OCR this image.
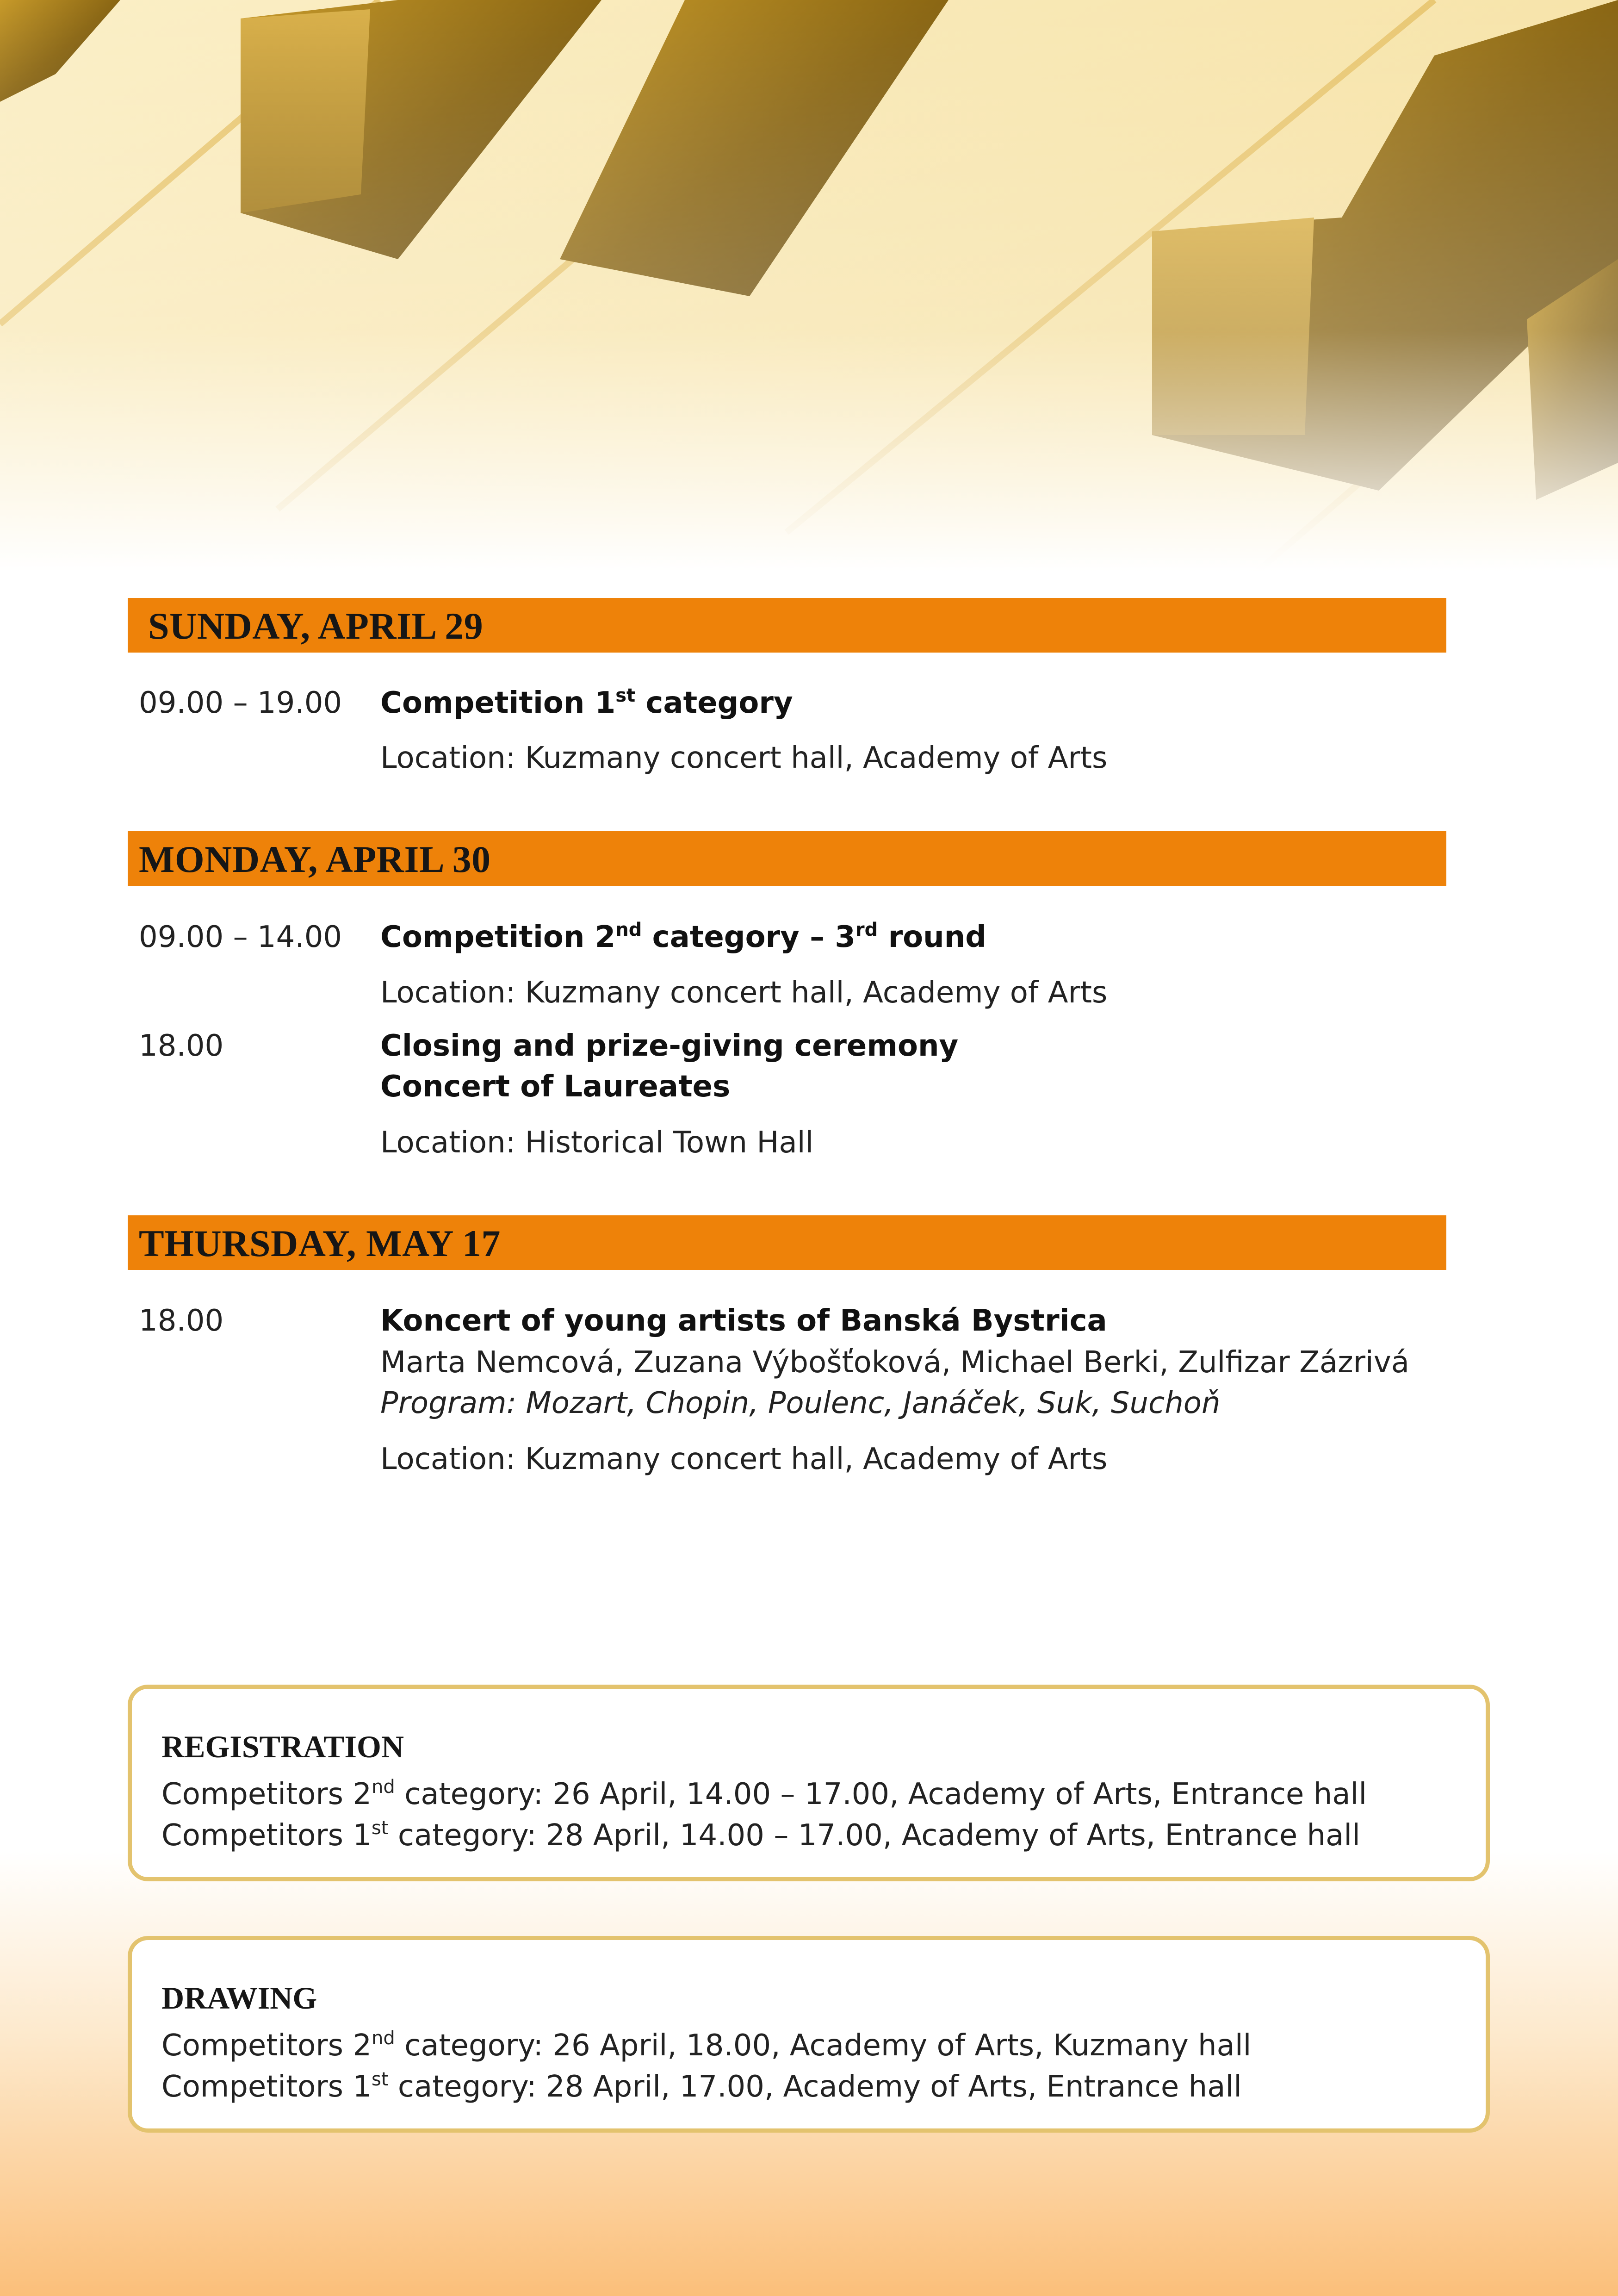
SUNDAY, APRIL 29
09.00 – 19.00 Competition 1st category
Location: Kuzmany concert hall, Academy of Arts
MONDAY, APRIL 30
09.00 – 14.00 Competition 2nd category – 3rd round
Location: Kuzmany concert hall, Academy of Arts
18.00	Closing and prize-giving ceremony
Concert of Laureates
Location: Historical Town Hall
THURSDAY, MAY 17
18.00	Koncert of young artists of Banská Bystrica
Marta Nemcová, Zuzana Výbošťoková, Michael Berki, Zulfizar Zázrivá
Program: Mozart, Chopin, Poulenc, Janáček, Suk, Suchoň
Location: Kuzmany concert hall, Academy of Arts
REGISTRATION
Competitors 2nd category: 26 April, 14.00 – 17.00, Academy of Arts, Entrance hall
Competitors 1st category: 28 April, 14.00 – 17.00, Academy of Arts, Entrance hall
DRAWING
Competitors 2nd category: 26 April, 18.00, Academy of Arts, Kuzmany hall
Competitors 1st category: 28 April, 17.00, Academy of Arts, Entrance hall
